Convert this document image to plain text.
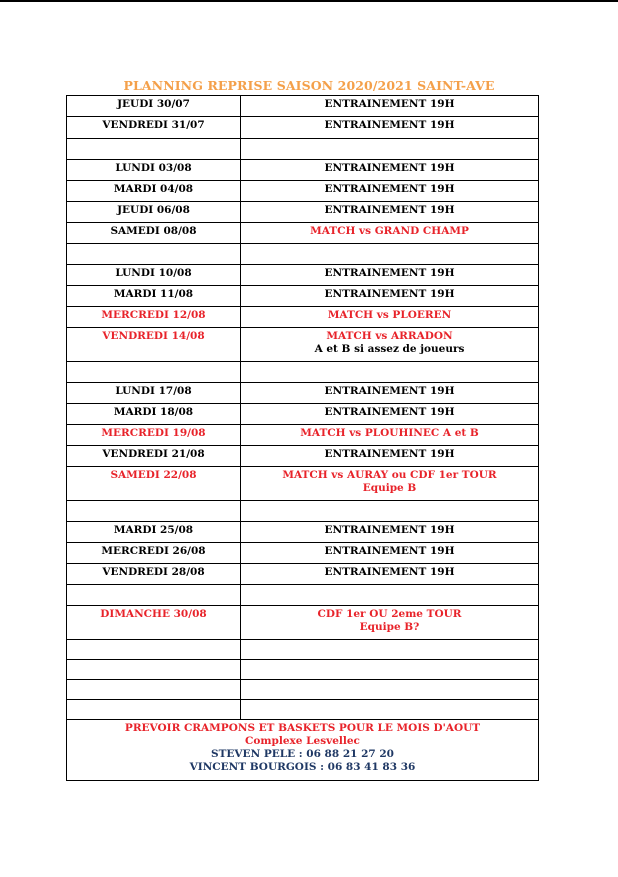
PLANNING REPRISE SAISON 2020/2021 SAINT-AVE
JEUDI 30/07	ENTRAINEMENT 19H
VENDREDI 31/07	ENTRAINEMENT 19H

LUNDI 03/08	ENTRAINEMENT 19H
MARDI 04/08	ENTRAINEMENT 19H
JEUDI 06/08	ENTRAINEMENT 19H
SAMEDI 08/08	MATCH vs GRAND CHAMP

LUNDI 10/08	ENTRAINEMENT 19H
MARDI 11/08	ENTRAINEMENT 19H
MERCREDI 12/08	MATCH vs PLOEREN
VENDREDI 14/08	MATCH vs ARRADON
A et B si assez de joueurs

LUNDI 17/08	ENTRAINEMENT 19H
MARDI 18/08	ENTRAINEMENT 19H
MERCREDI 19/08	MATCH vs PLOUHINEC A et B
VENDREDI 21/08	ENTRAINEMENT 19H
SAMEDI 22/08	MATCH vs AURAY ou CDF 1er TOUR
Equipe B

MARDI 25/08	ENTRAINEMENT 19H
MERCREDI 26/08	ENTRAINEMENT 19H
VENDREDI 28/08	ENTRAINEMENT 19H

DIMANCHE 30/08	CDF 1er OU 2eme TOUR
Equipe B?

PREVOIR CRAMPONS ET BASKETS POUR LE MOIS D'AOUT
Complexe Lesvellec
STEVEN PELE : 06 88 21 27 20
VINCENT BOURGOIS : 06 83 41 83 36	
